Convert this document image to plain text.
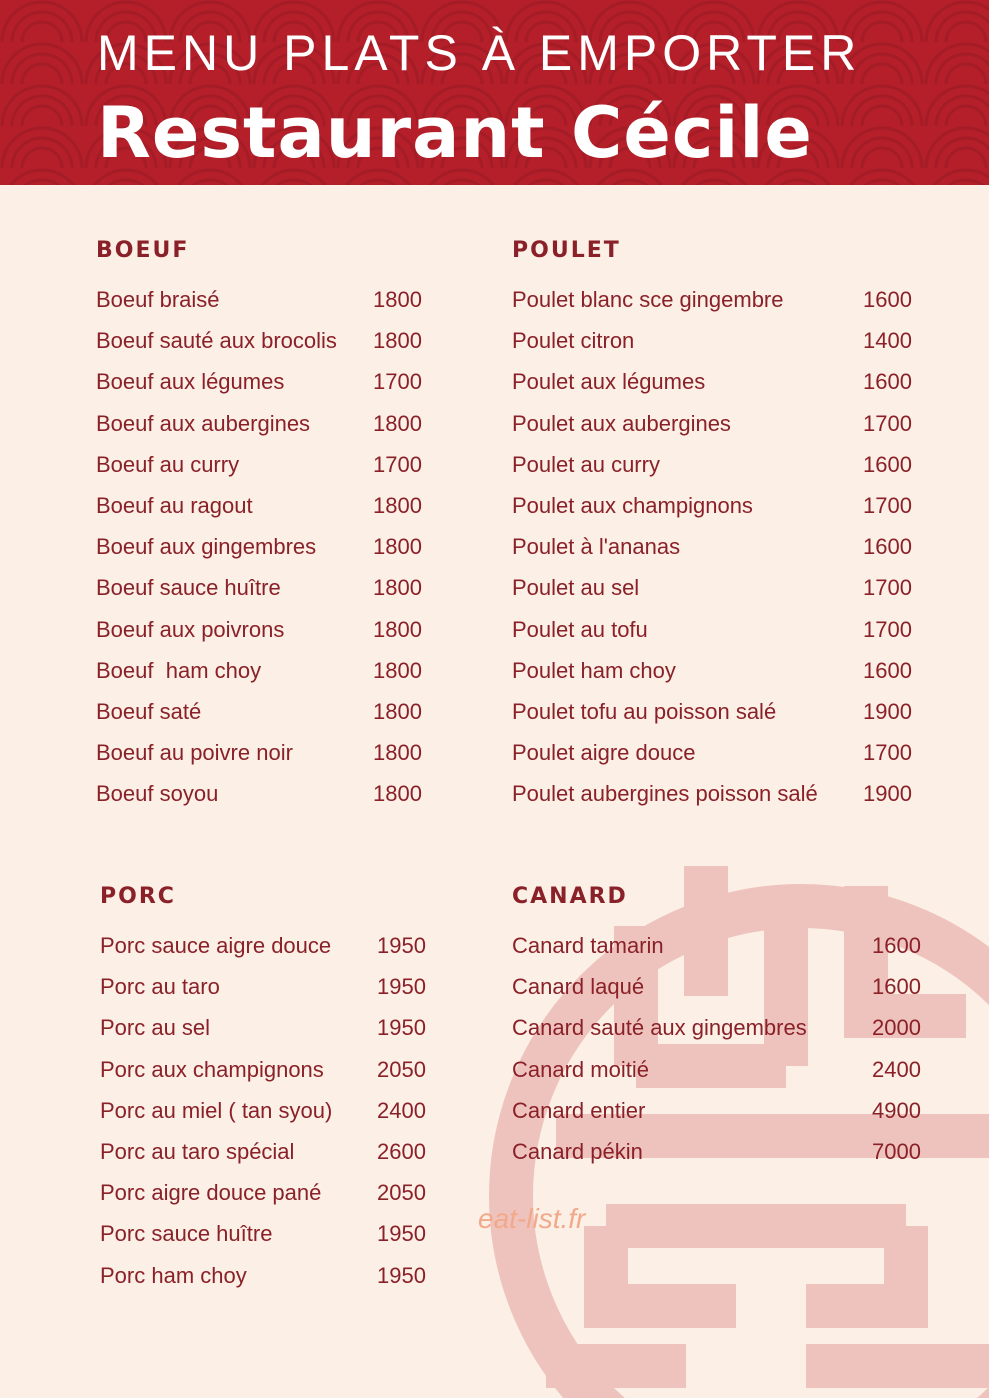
MENU PLATS À EMPORTER
Restaurant Cécile
BOEUF
Boeuf braisé	1800
Boeuf sauté aux brocolis 1800
Boeuf aux légumes	1700
Boeuf aux aubergines	1800
Boeuf au curry	1700
Boeuf au ragout	1800
Boeuf aux gingembres	1800
Boeuf sauce huître	1800
Boeuf aux poivrons	1800
Boeuf  ham choy	1800
Boeuf saté	1800
Boeuf au poivre noir	1800
Boeuf soyou	1800
POULET
Poulet blanc sce gingembre	1600
Poulet citron	1400
Poulet aux légumes	1600
Poulet aux aubergines	1700
Poulet au curry	1600
Poulet aux champignons	1700
Poulet à l'ananas	1600
Poulet au sel	1700
Poulet au tofu	1700
Poulet ham choy	1600
Poulet tofu au poisson salé	1900
Poulet aigre douce	1700
Poulet aubergines poisson salé 1900
PORC
Porc sauce aigre douce 1950
Porc au taro	1950
Porc au sel	1950
Porc aux champignons 2050
Porc au miel ( tan syou) 2400
Porc au taro spécial	2600
Porc aigre douce pané	2050
Porc sauce huître	1950
Porc ham choy	1950
CANARD
Canard tamarin	1600
Canard laqué	1600
Canard sauté aux gingembres	2000
Canard moitié	2400
Canard entier	4900
Canard pékin	7000
eat-list.fr
